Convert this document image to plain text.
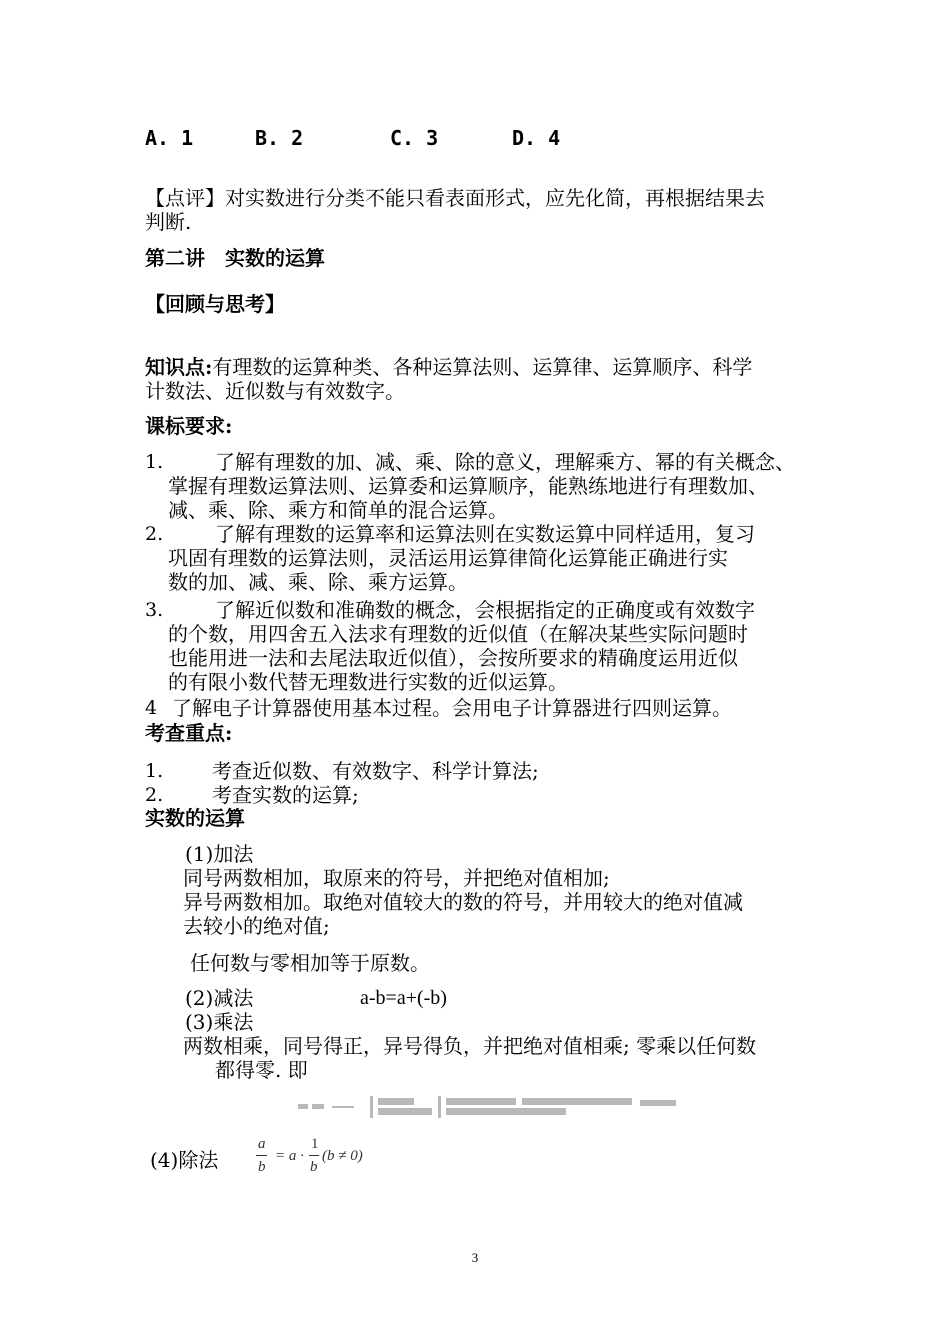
A. 1	B. 2	C. 3	D. 4
【点评】对实数进行分类不能只看表面形式，应先化简，再根据结果去
判断.
第二讲　实数的运算
【回顾与思考】
知识点:有理数的运算种类、各种运算法则、运算律、运算顺序、科学
计数法、近似数与有效数字。
课标要求:
1.	了解有理数的加、减、乘、除的意义，理解乘方、幂的有关概念、
掌握有理数运算法则、运算委和运算顺序，能熟练地进行有理数加、
减、乘、除、乘方和简单的混合运算。
2.	了解有理数的运算率和运算法则在实数运算中同样适用，复习
巩固有理数的运算法则，灵活运用运算律简化运算能正确进行实
数的加、减、乘、除、乘方运算。
3.	了解近似数和准确数的概念，会根据指定的正确度或有效数字
的个数，用四舍五入法求有理数的近似值（在解决某些实际问题时
也能用进一法和去尾法取近似值），会按所要求的精确度运用近似
的有限小数代替无理数进行实数的近似运算。
4 了解电子计算器使用基本过程。会用电子计算器进行四则运算。
考查重点:
1. 考查近似数、有效数字、科学计算法;
2. 考查实数的运算;
实数的运算
(1)加法
同号两数相加，取原来的符号，并把绝对值相加;
异号两数相加。取绝对值较大的数的符号，并用较大的绝对值减
去较小的绝对值;
任何数与零相加等于原数。
(2)减法	a-b=a+(-b)
(3)乘法
两数相乘，同号得正，异号得负，并把绝对值相乘; 零乘以任何数
都得零. 即
(4)除法
a
b
= a ·
1
b
(b ≠ 0)
3
